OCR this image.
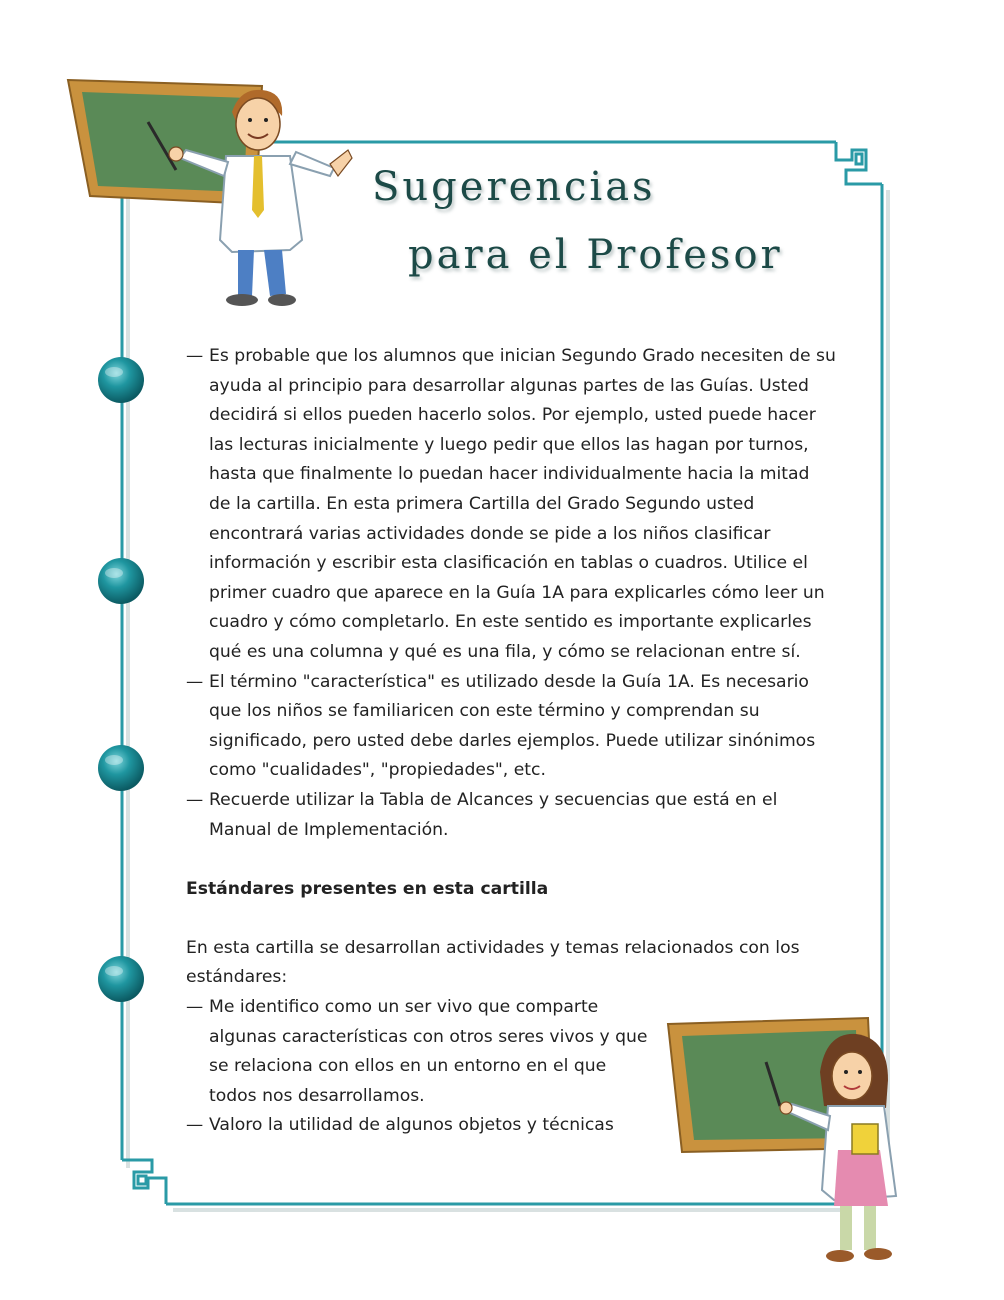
Sugerencias
para el Profesor
— Es probable que los alumnos que inician Segundo Grado necesiten de su ayuda al principio para desarrollar algunas partes de las Guías. Usted decidirá si ellos pueden hacerlo solos. Por ejemplo, usted puede hacer las lecturas inicialmente y luego pedir que ellos las hagan por turnos, hasta que finalmente lo puedan hacer individualmente hacia la mitad de la cartilla. En esta primera Cartilla del Grado Segundo usted encontrará varias actividades donde se pide a los niños clasificar información y escribir esta clasificación en tablas o cuadros. Utilice el primer cuadro que aparece en la Guía 1A para explicarles cómo leer un cuadro y cómo completarlo. En este sentido es importante explicarles qué es una columna y qué es una fila, y cómo se relacionan entre sí.

— El término "característica" es utilizado desde la Guía 1A. Es necesario que los niños se familiaricen con este término y comprendan su significado, pero usted debe darles ejemplos. Puede utilizar sinónimos como "cualidades", "propiedades", etc.

— Recuerde utilizar la Tabla de Alcances y secuencias que está en el Manual de Implementación.

Estándares presentes en esta cartilla

En esta cartilla se desarrollan actividades y temas relacionados con los estándares:

— Me identifico como un ser vivo que comparte algunas características con otros seres vivos y que se relaciona con ellos en un entorno en el que todos nos desarrollamos.

— Valoro la utilidad de algunos objetos y técnicas
